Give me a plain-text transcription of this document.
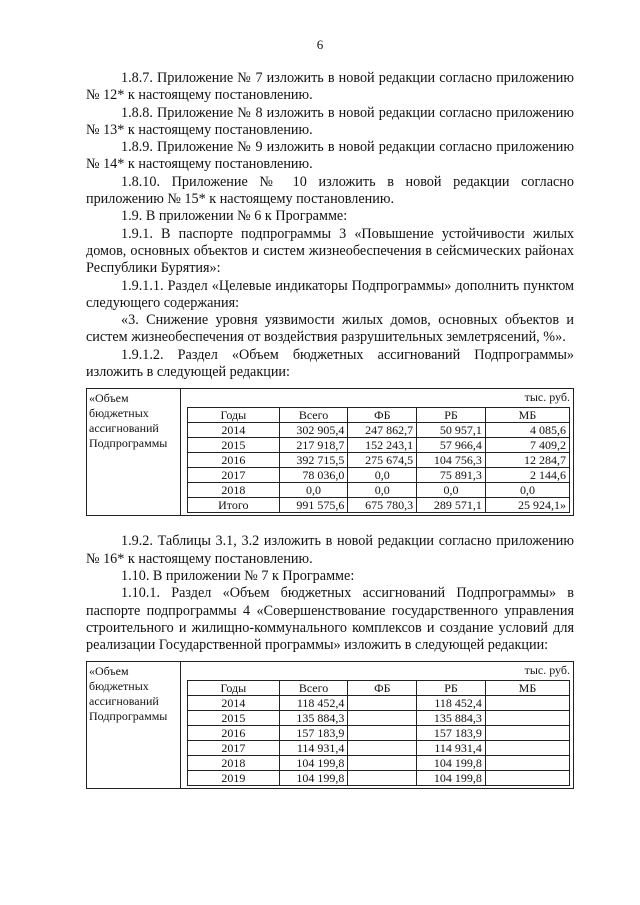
6

1.8.7. Приложение № 7 изложить в новой редакции согласно приложению № 12* к настоящему постановлению.

1.8.8. Приложение № 8 изложить в новой редакции согласно приложению № 13* к настоящему постановлению.

1.8.9. Приложение № 9 изложить в новой редакции согласно приложению № 14* к настоящему постановлению.

1.8.10. Приложение № 10 изложить в новой редакции согласно приложению № 15* к настоящему постановлению.

1.9. В приложении № 6 к Программе:

1.9.1. В паспорте подпрограммы 3 «Повышение устойчивости жилых домов, основных объектов и систем жизнеобеспечения в сейсмических районах Республики Бурятия»:

1.9.1.1. Раздел «Целевые индикаторы Подпрограммы» дополнить пунктом следующего содержания:

«3. Снижение уровня уязвимости жилых домов, основных объектов и систем жизнеобеспечения от воздействия разрушительных землетрясений, %».

1.9.1.2. Раздел «Объем бюджетных ассигнований Подпрограммы» изложить в следующей редакции:

«Объем бюджетных ассигнований Подпрограммы
тыс. руб.
Годы	Всего	ФБ	РБ	МБ
2014	302 905,4	247 862,7	50 957,1	4 085,6
2015	217 918,7	152 243,1	57 966,4	7 409,2
2016	392 715,5	275 674,5	104 756,3	12 284,7
2017	78 036,0	0,0	75 891,3	2 144,6
2018	0,0	0,0	0,0	0,0
Итого	991 575,6	675 780,3	289 571,1	25 924,1»

1.9.2. Таблицы 3.1, 3.2 изложить в новой редакции согласно приложению № 16* к настоящему постановлению.

1.10. В приложении № 7 к Программе:

1.10.1. Раздел «Объем бюджетных ассигнований Подпрограммы» в паспорте подпрограммы 4 «Совершенствование государственного управления строительного и жилищно-коммунального комплексов и создание условий для реализации Государственной программы» изложить в следующей редакции:

«Объем бюджетных ассигнований Подпрограммы
тыс. руб.
Годы	Всего	ФБ	РБ	МБ
2014	118 452,4		118 452,4	
2015	135 884,3		135 884,3	
2016	157 183,9		157 183,9	
2017	114 931,4		114 931,4	
2018	104 199,8		104 199,8	
2019	104 199,8		104 199,8	
